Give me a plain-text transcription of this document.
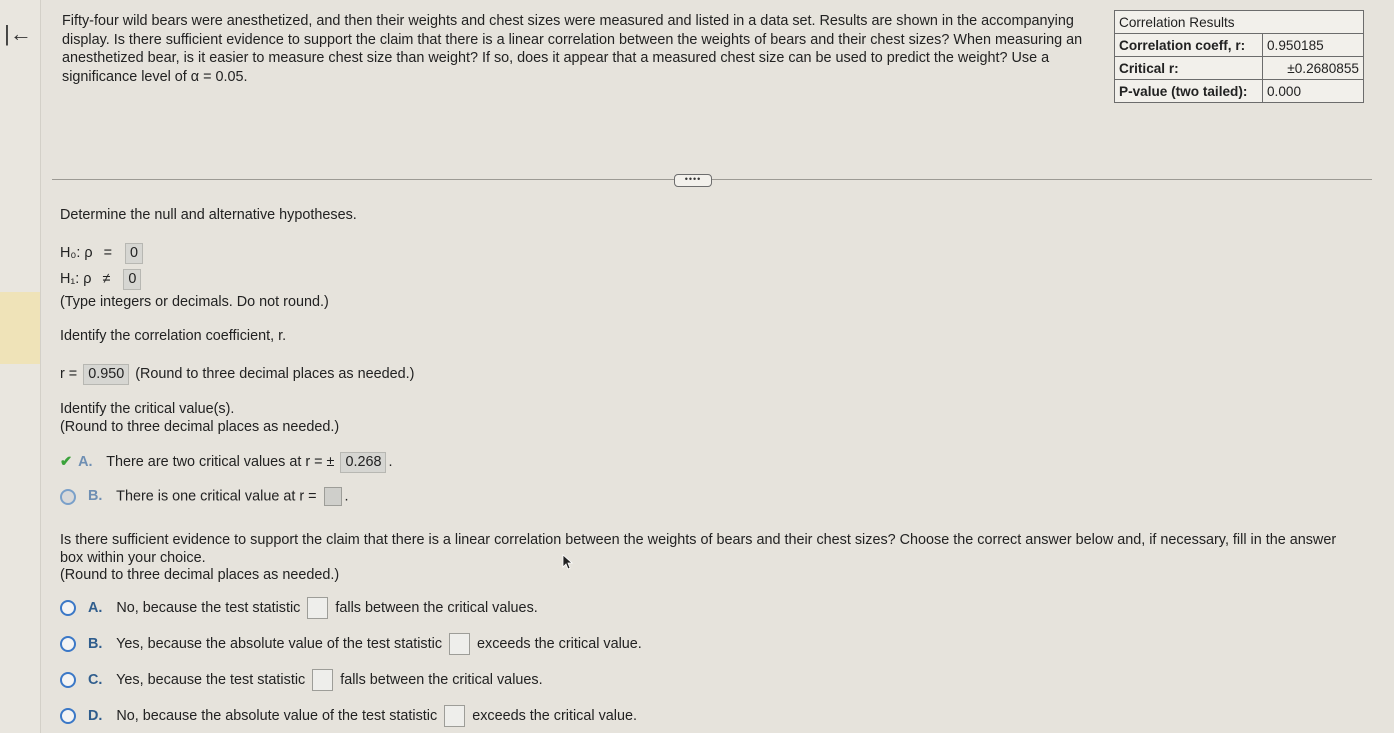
|← Fifty-four wild bears were anesthetized, and then their weights and chest sizes were measured and listed in a data set. Results are shown in the accompanying display. Is there sufficient evidence to support the claim that there is a linear correlation between the weights of bears and their chest sizes? When measuring an anesthetized bear, is it easier to measure chest size than weight? If so, does it appear that a measured chest size can be used to predict the weight? Use a significance level of α = 0.05.
Correlation Results	
Correlation coeff, r:	0.950185
Critical r:	±0.2680855
P-value (two tailed):	0.000
••••
Determine the null and alternative hypotheses.
H₀: ρ = 0
H₁: ρ ≠ 0
(Type integers or decimals. Do not round.)
Identify the correlation coefficient, r.
r = 0.950 (Round to three decimal places as needed.)
Identify the critical value(s).
(Round to three decimal places as needed.)
✔ A. There are two critical values at r = ± 0.268 .
B. There is one critical value at r = .
Is there sufficient evidence to support the claim that there is a linear correlation between the weights of bears and their chest sizes? Choose the correct answer below and, if necessary, fill in the answer box within your choice.
(Round to three decimal places as needed.)
A. No, because the test statistic falls between the critical values.
B. Yes, because the absolute value of the test statistic exceeds the critical value.
C. Yes, because the test statistic falls between the critical values.
D. No, because the absolute value of the test statistic exceeds the critical value.
